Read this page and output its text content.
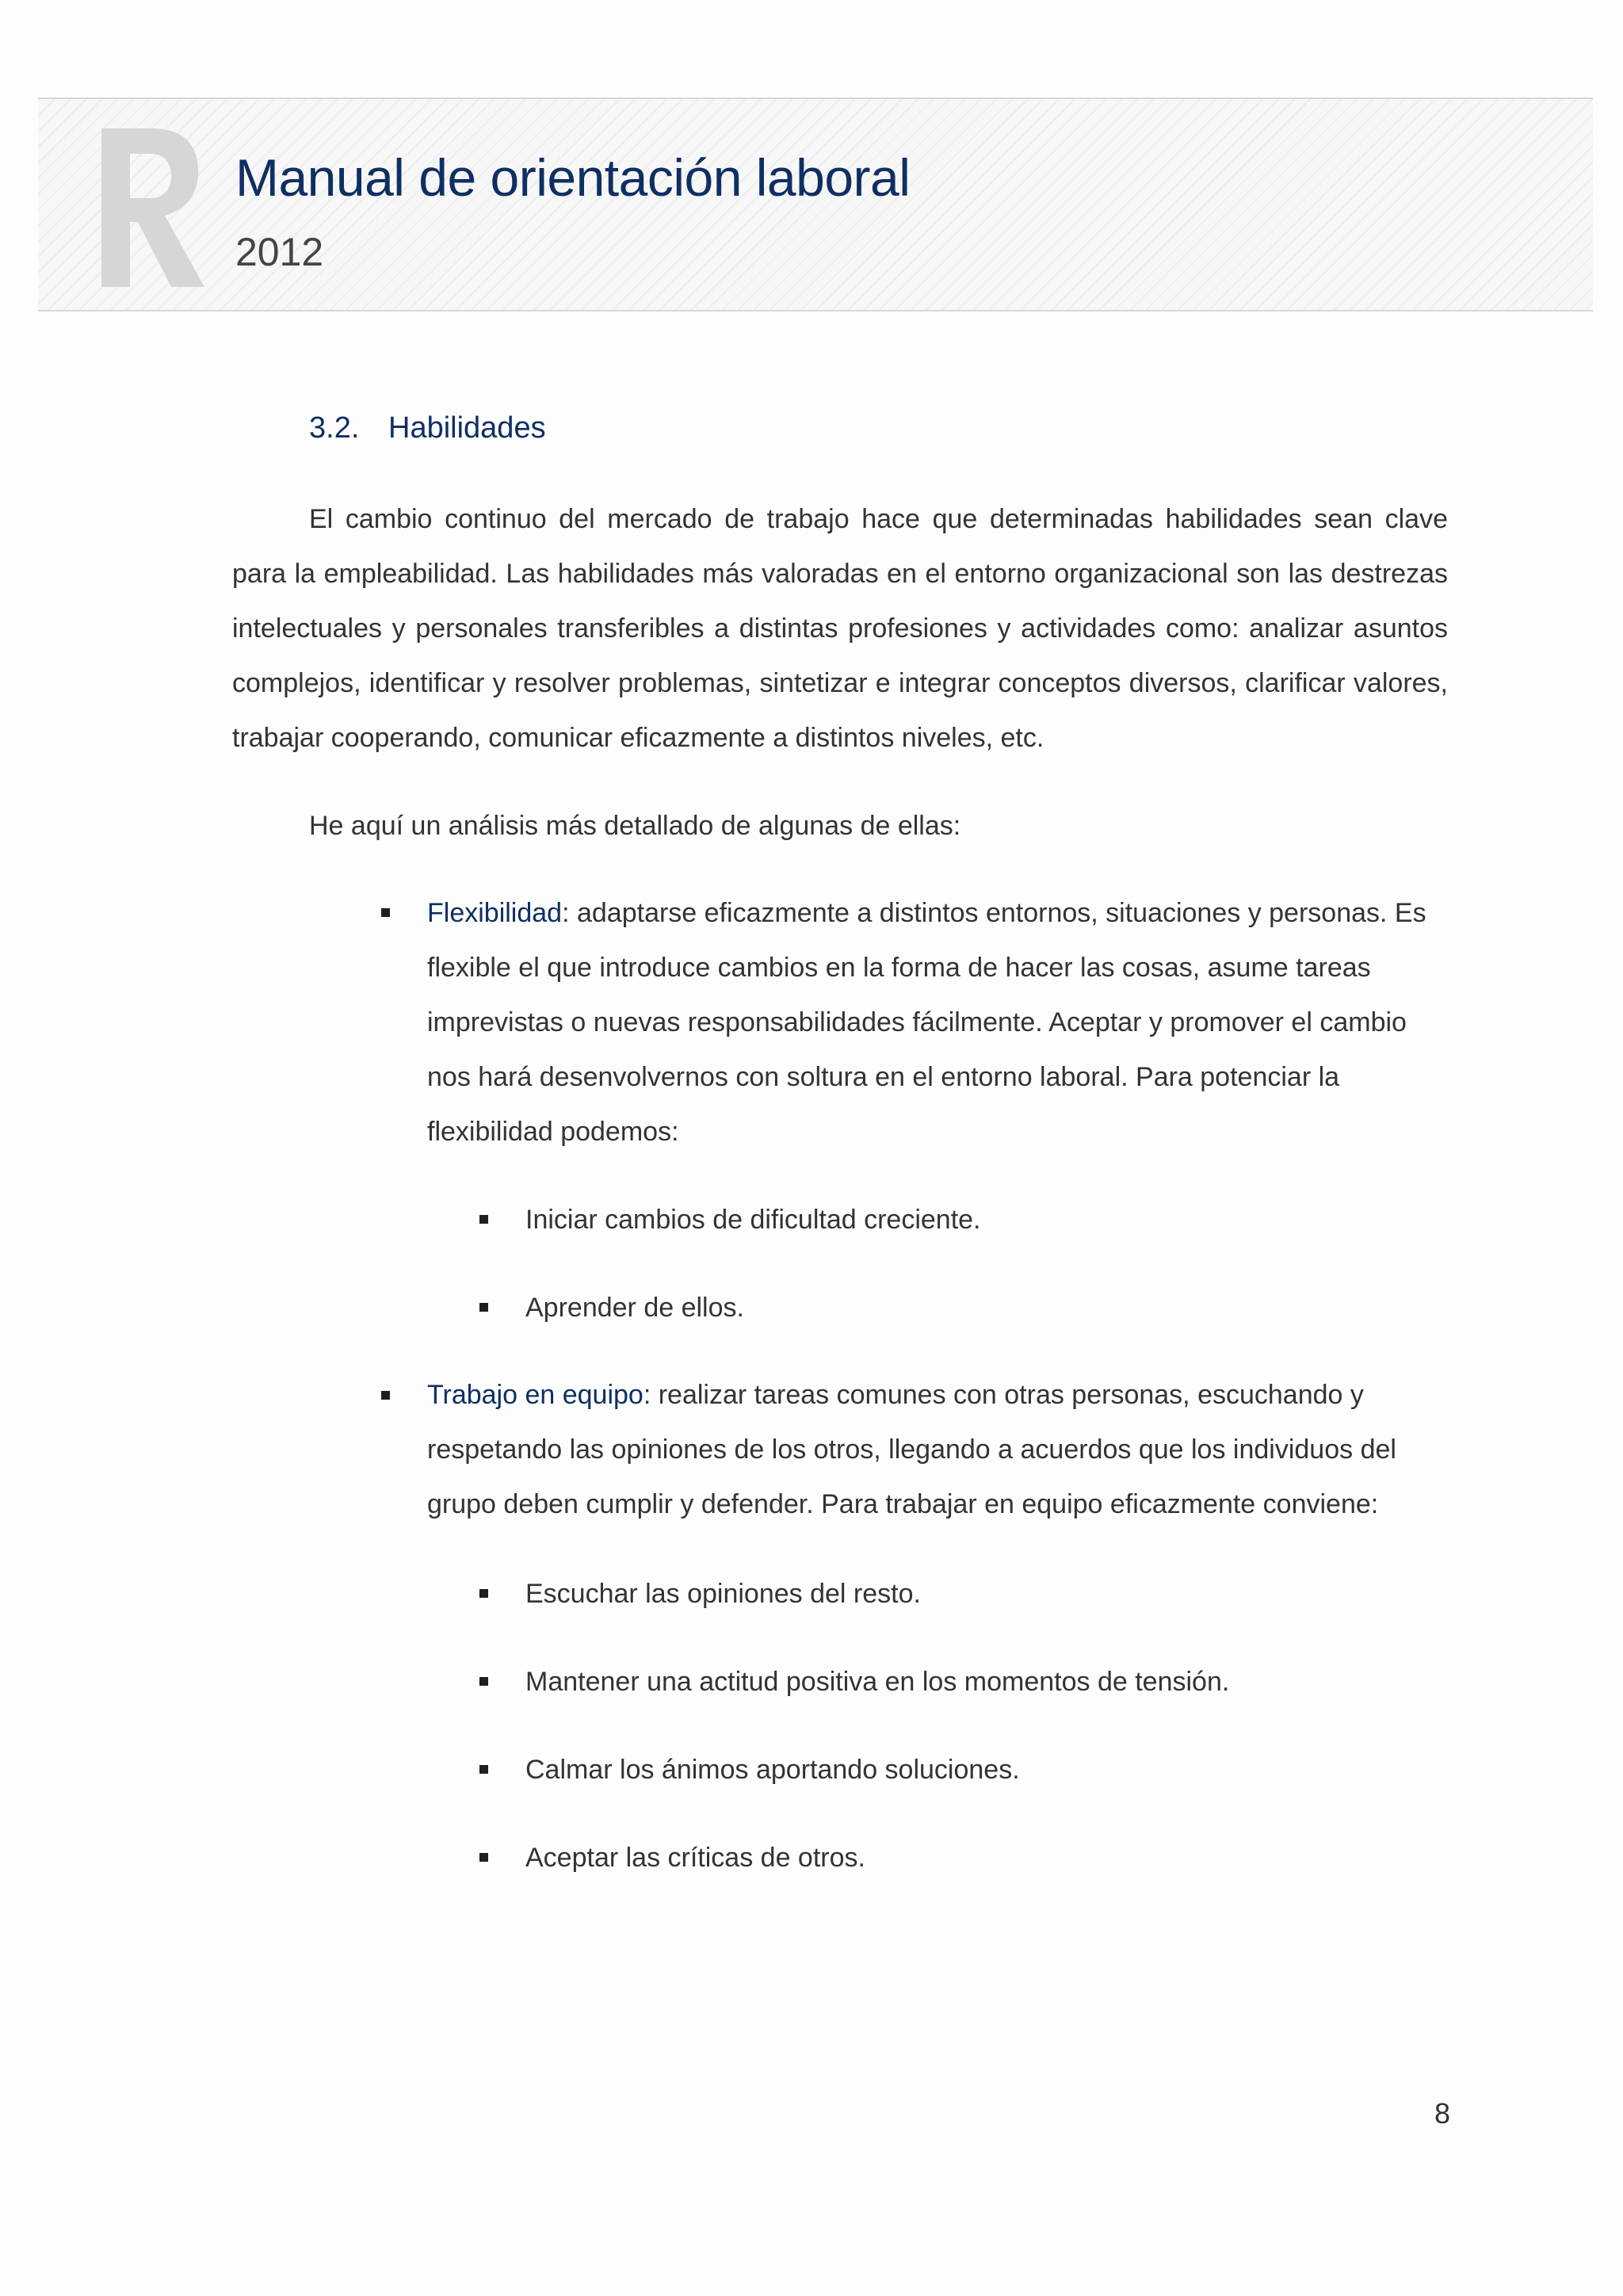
Manual de orientación laboral
2012
3.2. Habilidades

El cambio continuo del mercado de trabajo hace que determinadas habilidades sean clave para la empleabilidad. Las habilidades más valoradas en el entorno organizacional son las destrezas intelectuales y personales transferibles a distintas profesiones y actividades como: analizar asuntos complejos, identificar y resolver problemas, sintetizar e integrar conceptos diversos, clarificar valores, trabajar cooperando, comunicar eficazmente a distintos niveles, etc.

He aquí un análisis más detallado de algunas de ellas:

Flexibilidad: adaptarse eficazmente a distintos entornos, situaciones y personas. Es flexible el que introduce cambios en la forma de hacer las cosas, asume tareas imprevistas o nuevas responsabilidades fácilmente. Aceptar y promover el cambio nos hará desenvolvernos con soltura en el entorno laboral. Para potenciar la flexibilidad podemos:

Iniciar cambios de dificultad creciente.

Aprender de ellos.

Trabajo en equipo: realizar tareas comunes con otras personas, escuchando y respetando las opiniones de los otros, llegando a acuerdos que los individuos del grupo deben cumplir y defender. Para trabajar en equipo eficazmente conviene:

Escuchar las opiniones del resto.

Mantener una actitud positiva en los momentos de tensión.

Calmar los ánimos aportando soluciones.

Aceptar las críticas de otros.

8
